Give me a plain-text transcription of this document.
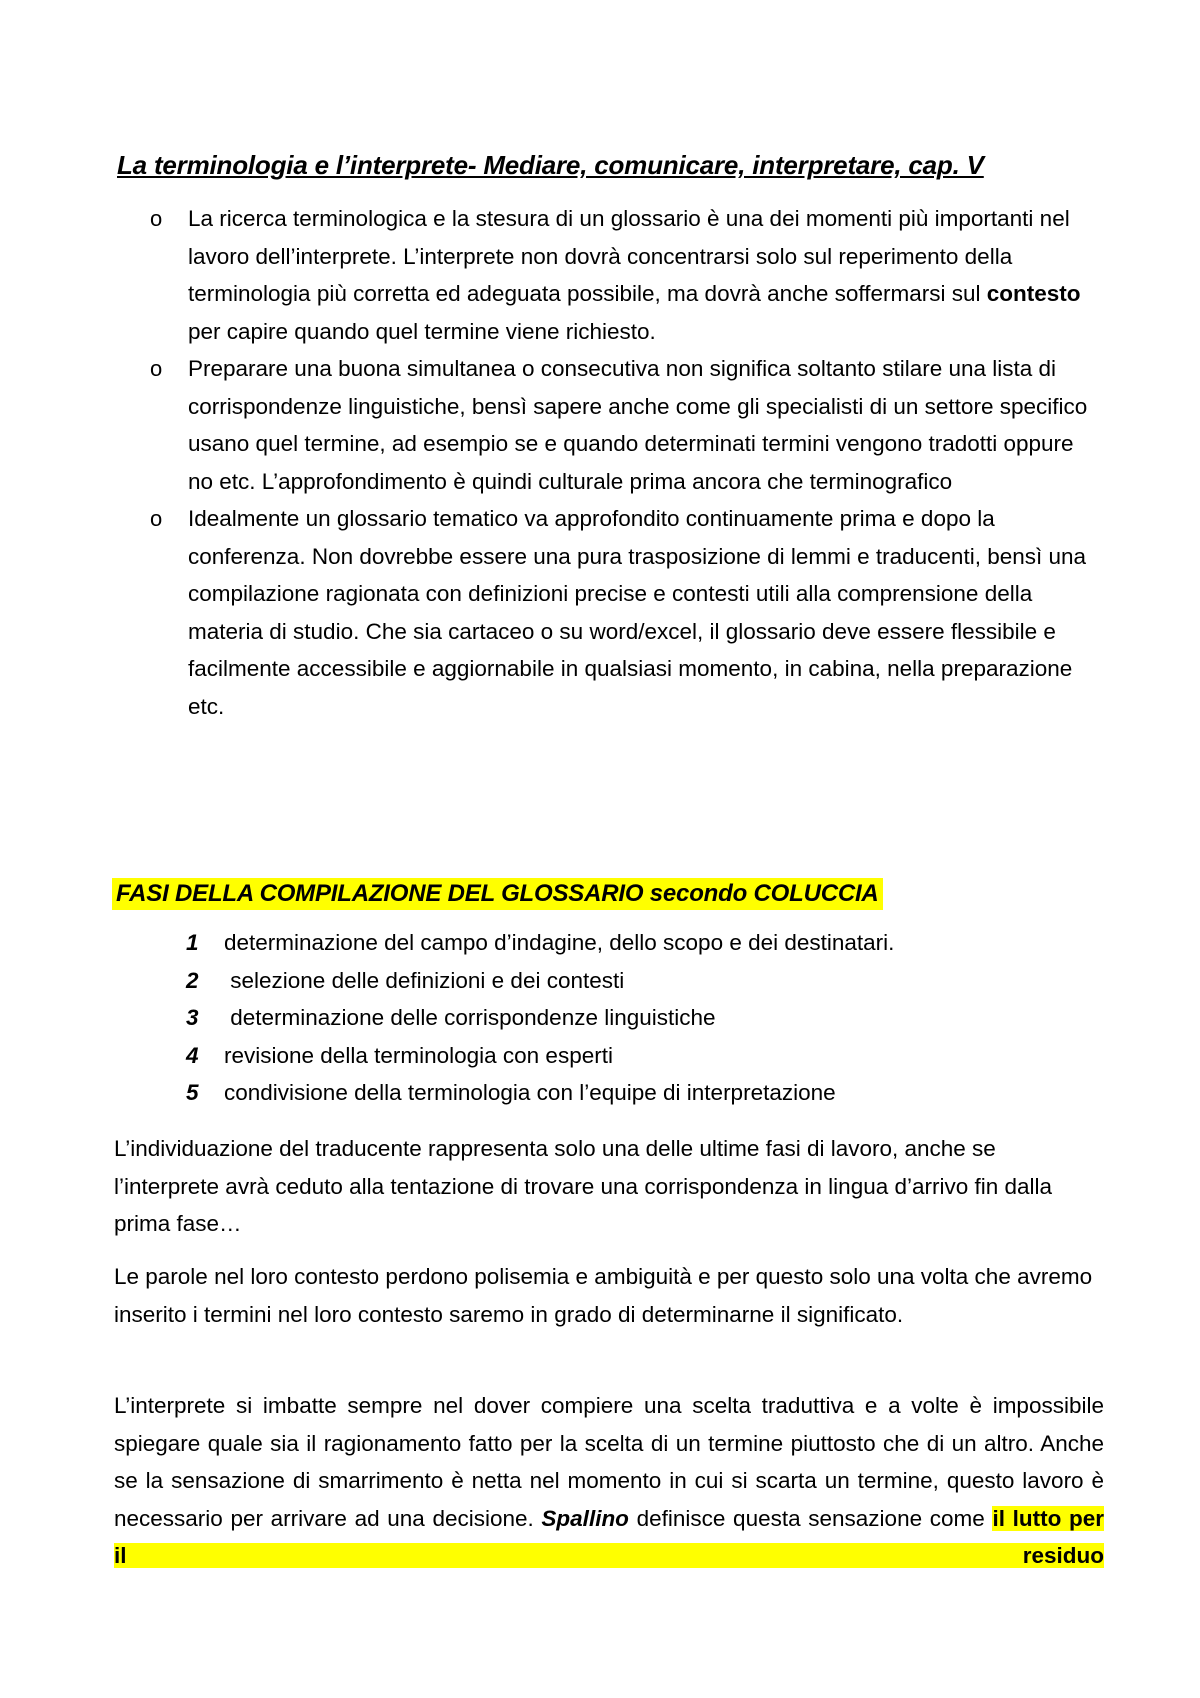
La terminologia e l’interprete- Mediare, comunicare, interpretare, cap. V
o La ricerca terminologica e la stesura di un glossario è una dei momenti più importanti nel lavoro dell’interprete. L’interprete non dovrà concentrarsi solo sul reperimento della terminologia più corretta ed adeguata possibile, ma dovrà anche soffermarsi sul contesto per capire quando quel termine viene richiesto.
o Preparare una buona simultanea o consecutiva non significa soltanto stilare una lista di corrispondenze linguistiche, bensì sapere anche come gli specialisti di un settore specifico usano quel termine, ad esempio se e quando determinati termini vengono tradotti oppure no etc. L’approfondimento è quindi culturale prima ancora che terminografico
o Idealmente un glossario tematico va approfondito continuamente prima e dopo la conferenza. Non dovrebbe essere una pura trasposizione di lemmi e traducenti, bensì una compilazione ragionata con definizioni precise e contesti utili alla comprensione della materia di studio. Che sia cartaceo o su word/excel, il glossario deve essere flessibile e facilmente accessibile e aggiornabile in qualsiasi momento, in cabina, nella preparazione etc.
FASI DELLA COMPILAZIONE DEL GLOSSARIO secondo COLUCCIA
1 determinazione del campo d’indagine, dello scopo e dei destinatari.
2 selezione delle definizioni e dei contesti
3 determinazione delle corrispondenze linguistiche
4 revisione della terminologia con esperti
5 condivisione della terminologia con l’equipe di interpretazione

L’individuazione del traducente rappresenta solo una delle ultime fasi di lavoro, anche se l’interprete avrà ceduto alla tentazione di trovare una corrispondenza in lingua d’arrivo fin dalla prima fase…

Le parole nel loro contesto perdono polisemia e ambiguità e per questo solo una volta che avremo inserito i termini nel loro contesto saremo in grado di determinarne il significato.

L’interprete si imbatte sempre nel dover compiere una scelta traduttiva e a volte è impossibile spiegare quale sia il ragionamento fatto per la scelta di un termine piuttosto che di un altro. Anche se la sensazione di smarrimento è netta nel momento in cui si scarta un termine, questo lavoro è necessario per arrivare ad una decisione. Spallino definisce questa sensazione come il lutto per il residuo
